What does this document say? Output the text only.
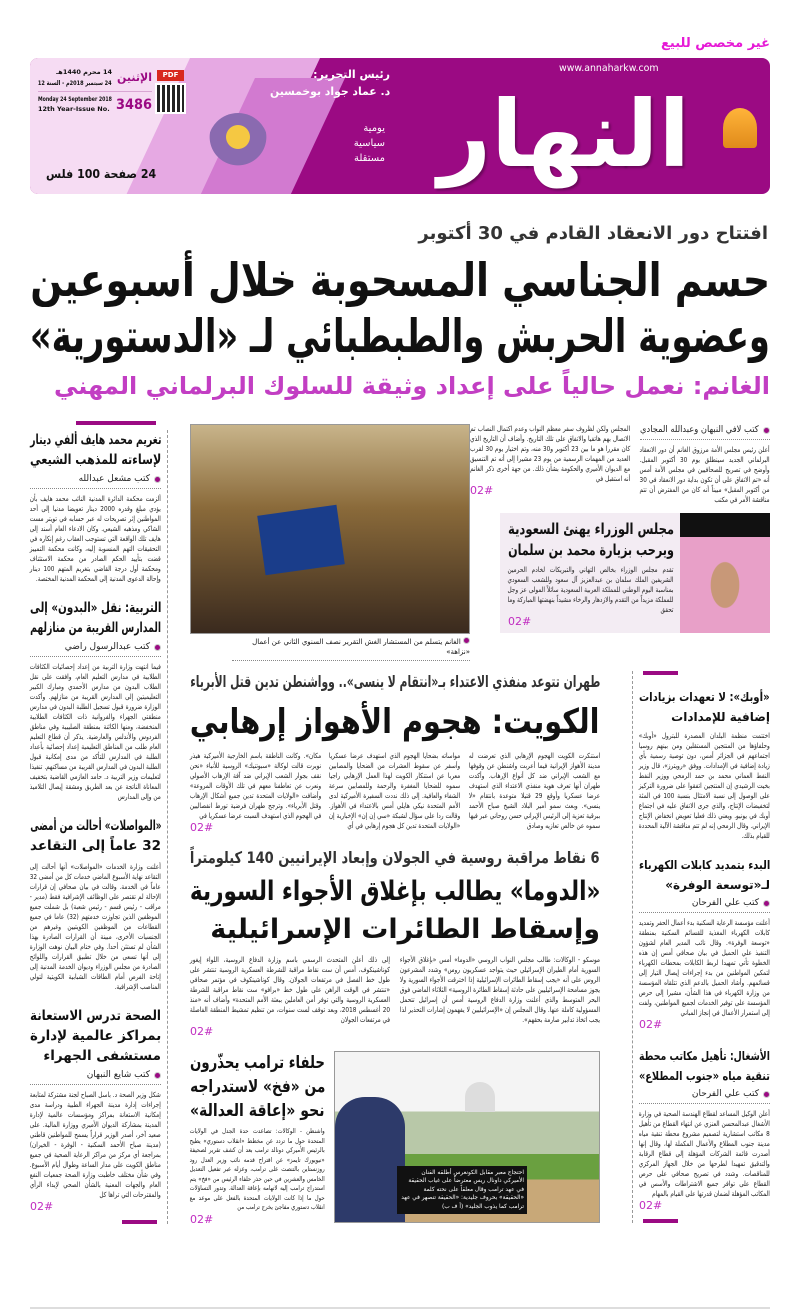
غير مخصص للبيع
النهار
www.annaharkw.com
رئيس التحرير:
د. عماد جواد بوخمسين
يومية
سياسية
مستقلة
الإثنين
14 محرم 1440هـ
24 سبتمبر 2018م - السنة 12
Monday 24 September 2018
12th Year-Issue No. 3486
PDF
24 صفحة 100 فلس
افتتاح دور الانعقاد القادم في 30 أكتوبر
حسم الجناسي المسحوبة خلال أسبوعين
وعضوية الحربش والطبطبائي لـ «الدستورية»
الغانم: نعمل حالياً على إعداد وثيقة للسلوك البرلماني المهني
تغريم محمد هايف ألفي دينار
لإساءته للمذهب الشيعي
كتب مشعل عبدالله
ألزمت محكمة الدائرة المدنية النائب محمد هايف بأن يؤدي مبلغ وقدره 2000 دينار تعويضا مدنيا إلى أحد المواطنين إثر تصريحات له عبر حسابه في تويتر مست الشاكي ومذهبه الشيعي. وكان الادعاء العام أسند إلى هايف تلك الواقعة التي تستوجب العقاب رغم إنكاره في التحقيقات التهم المنسوبة إليه، وكانت محكمة التمييز قضت بتأييد الحكم الصادر من محكمة الاستئناف ومحكمة أول درجة القاضي بتغريم المتهم 100 دينار وإحالة الدعوى المدنية إلى المحكمة المدنية المختصة.
التربية: نقل «البدون» إلى
المدارس القريبة من منازلهم
كتب عبدالرسول راضي
فيما انتهت وزارة التربية من إعداد إحصائيات الكثافات الطلابية في مدارس التعليم العام، وافقت على نقل الطلاب البدون من مدارس الأحمدي ومبارك الكبير التعليميتين إلى المدارس القريبة من منازلهم. وأكدت الوزارة ضرورة قبول تسجيل الطلبة البدون في مدارس منطقتي الجهراء والفروانية ذات الكثافات الطلابية المنخفضة، ومنها الكائنة بمنطقة الصليبية وفي مناطق الفردوس والأندلس والعارضية. يذكر أن قطاع التعليم العام طلب من المناطق التعليمية إعداد إحصائية بأعداد الطلبة في المدارس للتأكد من مدى إمكانية قبول الطلبة البدون في المدارس القريبة من مساكنهم. تنفيذا لتعليمات وزير التربية د. حامد العازمي القاضية بتخفيف المعاناة الناتجة عن بعد الطريق ومشقة إيصال التلاميذ من وإلى المدارس
«المواصلات» أحالت من أمضى
32 عاماً إلى التقاعد
أعلنت وزارة الخدمات «المواصلات» أنها أحالت إلى التقاعد نهاية الأسبوع الماضي خدمات كل من أمضى 32 عاماً في الخدمة. وقالت في بيان صحافي إن قرارات الإحالة لم تقتصر على الوظائف الإشرافية فقط (مدير - مراقب - رئيس قسم - رئيس شعبة) بل شملت جميع الموظفين الذين تجاوزت خدمتهم (32) عاما في جميع القطاعات من الموظفين الكويتيين وغيرهم من الجنسيات الأخرى، مبينة أن القرارات الصادرة بهذا الشأن لم تستثن أحدا. وفي ختام البيان نوهت الوزارة إلى أنها تسعى من خلال تطبيق القرارات واللوائح الصادرة من مجلس الوزراء وديوان الخدمة المدنية إلى إتاحة الفرص أمام الطاقات الشبابية الكويتية لتولي المناصب الإشرافية.
الصحة تدرس الاستعانة
بمراكز عالمية لإدارة
مستشفى الجهراء
كتب شايع النبهان
شكل وزير الصحة د. باسل الصباح لجنة مشتركة لمتابعة إجراءات إدارة مدينة الجهراء الطبية ودراسة مدى إمكانية الاستعانة بمراكز ومؤسسات عالمية لإدارة المدينة بمشاركة الديوان الأميري ووزارة المالية. على صعيد آخر، أصدر الوزير قراراً يسمح للمواطنين قاطني (مدينة صباح الأحمد السكنية - الوفرة - الخيران) بمراجعة أي مركز من مراكز الرعاية الصحية في جميع مناطق الكويت على مدار الساعة وطوال أيام الأسبوع. وفي شأن مختلف خاطبت وزارة الصحة جمعيات النفع العام والجهات المعنية بالشأن الصحي لإبداء الرأي والمقترحات التي تراها كل
02#
الغانم يتسلم من المستشار الغش التقرير نصف السنوي الثاني عن أعمال «نزاهة»
كتب لافي النبهان وعبدالله المجادي
أعلن رئيس مجلس الأمة مرزوق الغانم أن دور الانعقاد البرلماني الجديد سينطلق يوم 30 أكتوبر المقبل. وأوضح في تصريح للصحافيين في مجلس الأمة أمس أنه «تم الاتفاق على أن تكون بداية دور الانعقاد في 30 من أكتوبر المقبل» مبيناً أنه كان من المفترض أن تتم مناقشة الأمر في مكتب
المجلس ولكن لظروف سفر معظم النواب وعدم اكتمال النصاب تم الاتصال بهم هاتفيا والاتفاق على تلك التاريخ. وأضاف أن التاريخ الذي كان مقررا هو ما بين 23 أكتوبر و30 منه، وتم اختيار يوم 30 لقرب العديد من المهمات الرسمية من يوم 23 مشيرا إلى أنه تم التنسيق مع الديوان الأميري والحكومة بشأن ذلك. من جهة أخرى ذكر الغانم أنه استقبل في
02#
مجلس الوزراء يهنئ السعودية
ويرحب بزيارة محمد بن سلمان
تقدم مجلس الوزراء بخالص التهاني والتبريكات لخادم الحرمين الشريفين الملك سلمان بن عبدالعزيز آل سعود وللشعب السعودي بمناسبة اليوم الوطني للمملكة العربية السعودية سائلاً المولى عز وجل للمملكة مزيداً من التقدم والازدهار والرخاء مشيداً بنهضتها المباركة وما تحقق
02#
طهران تتوعد منفذي الاعتداء بـ«انتقام لا ينسى».. وواشنطن تدين قتل الأبرياء
الكويت: هجوم الأهواز إرهابي
استنكرت الكويت الهجوم الإرهابي الذي تعرضت له مدينة الأهواز الإيرانية فيما أعربت واشنطن عن وقوفها مع الشعب الإيراني ضد كل أنواع الإرهاب. وأكدت طهران أنها تعرف هوية منفذي الاعتداء الذي استهدف عرضا عسكريا وأوقع 29 قتيلا متوعدة بانتقام «لا ينسى». وبعث سمو أمير البلاد الشيخ صباح الأحمد ببرقية تعزية إلى الرئيس الإيراني حسن روحاني عبر فيها سموه عن خالص تعازيه وصادق
مواساته بضحايا الهجوم الذي استهدف عرضا عسكريا وأسفر عن سقوط العشرات من الضحايا والمصابين معربا عن استنكار الكويت لهذا العمل الإرهابي راجيا سموه للضحايا المغفرة والرحمة وللمصابين سرعة الشفاء والعافية. إلى ذلك نددت السفيرة الأميركية لدى الأمم المتحدة نيكي هايلي أمس بالاعتداء في الأهواز. وقالت ردا على سؤال لشبكة «سي إن إن» الإخبارية إن «الولايات المتحدة تدين كل هجوم إرهابي في أي
مكان». وكانت الناطقة باسم الخارجية الأميركية هيذر نويرت قالت لوكالة «سبوتنيك» الروسية للأنباء «نحن نقف بجوار الشعب الإيراني ضد آفة الإرهاب الأصولي ونعرب عن تعاطفنا معهم في تلك الأوقات المروعة» وأضافت «الولايات المتحدة تدين جميع أشكال الإرهاب وقتل الأبرياء». وترجح طهران فرضية تورط انفصاليين في الهجوم الذي استهدف السبت عرضا عسكريا في
02#
6 نقاط مراقبة روسية في الجولان وإبعاد الإيرانيين 140 كيلومتراً
«الدوما» يطالب بإغلاق الأجواء السورية
وإسقاط الطائرات الإسرائيلية
موسكو - الوكالات: طالب مجلس النواب الروسي «الدوما» أمس «بإغلاق الأجواء السورية أمام الطيران الإسرائيلي حيث يتواجد عسكريون روس» وشدد المشرعون الروس على أنه «يجب إسقاط الطائرات الإسرائيلية إذا اخترقت الأجواء السورية ولا يجوز مسامحة الإسرائيليين على حادثة إسقاط الطائرة الروسية» الثلاثاء الماضي فوق البحر المتوسط والذي أعلنت وزارة الدفاع الروسية أمس أن إسرائيل تتحمل المسؤولية كاملة عنها. وقال المجلس إن «الإسرائيليين لا يفهمون إشارات التحذير لذا يجب اتخاذ تدابير صارمة بحقهم».
إلى ذلك أعلن المتحدث الرسمي باسم وزارة الدفاع الروسية، اللواء إيغور كوناشينكوف، أمس أن ست نقاط مراقبة للشرطة العسكرية الروسية تنتشر على طول خط الفصل في مرتفعات الجولان. وقال كوناشينكوف في مؤتمر صحافي «تنتشر في الوقت الراهن على طول خط «برافو» ست نقاط مراقبة للشرطة العسكرية الروسية والتي توفر أمن العاملين ببعثة الأمم المتحدة» وأضاف أنه «منذ 20 أغسطس 2018، وبعد توقف لست سنوات، من تنظيم تمشيط المنطقة الفاصلة في مرتفعات الجولان
02#
حلفاء ترامب يحذّرون
من «فخ» لاستدراجه
نحو «إعاقة العدالة»
واشنطن - الوكالات: تصاعدت حدة الجدل في الولايات المتحدة حول ما تردد عن مخطط «انقلاب دستوري» يطيح بالرئيس الأميركي دونالد ترامب بعد أن كشف تقرير لصحيفة «نيويورك تايمز» عن اقتراح قدمه نائب وزير العدل رود روزنستاين بالتنصت على ترامب، وعزله عبر تفعيل التعديل الخامس والعشرين في حين حذر حلفاء الرئيس من «فخ» يتم استدراج ترامب إليه لاتهامه بإعاقة العدالة. وتدور التساؤلات حول ما إذا كانت الولايات المتحدة بالفعل على موعد مع انقلاب دستوري مفاجئ يخرج ترامب من
02#
احتجاج معبر مقابل الكونغرس أطلقه الفنان الأميركي داونال ريس معترضاً على غياب الحقيقة في عهد ترامب وقال معلقاً على نحته كلمة «الحقيقة» بحروف جليدية: «الحقيقة تنصهر في عهد ترامب كما يذوب الجليد» (أ ف ب)
«أوبك»: لا تعهدات بزيادات
إضافية للإمدادات
اختتمت منظمة البلدان المصدرة للبترول «أوبك» وحلفاؤها من المنتجين المستقلين ومن بينهم روسيا اجتماعهم في الجزائر أمس، دون توصية رسمية بأي زيادة إضافية في الإمدادات. ووفق «رويترز»، قال وزير النفط العماني محمد بن حمد الرمحي ووزير النفط بخيت الرشيدي إن المنتجين اتفقوا على ضرورة التركيز على الوصول إلى نسبة الامتثال بنسبة 100 في المئة لتخفيضات الإنتاج، والذي جرى الاتفاق عليه في اجتماع أوبك في يونيو. ويعني ذلك فعليا تعويض انخفاض الإنتاج الإيراني. وقال الرمحي إنه لم تتم مناقشة الآلية المحددة للقيام بذلك.
البدء بتمديد كابلات الكهرباء
لـ«توسعة الوفرة»
كتب علي الفرحان
أعلنت مؤسسة الرعاية السكنية بدء أعمال الحفر وتمديد كابلات الكهرباء المغذية للقسائم السكنية بمنطقة «توسعة الوفرة». وقال نائب المدير العام لشؤون التنفيذ علي الحميل في بيان صحافي أمس إن هذه الخطوة تأتي تمهيدا لربط الكابلات بمحطات الكهرباء لتمكين المواطنين من بدء إجراءات إيصال التيار إلى قسائمهم. وأشاد الحميل بالدعم الذي تتلقاه المؤسسة من وزارة الكهرباء في هذا الشأن، مشيرا إلى حرص المؤسسة على توفير الخدمات لجميع المواطنين، ولفت إلى استمرار الأعمال في إنجاز المباني
02#
الأشغال: تأهيل مكاتب محطة
تنقية مياه «جنوب المطلاع»
كتب علي الفرحان
أعلن الوكيل المساعد لقطاع الهندسة الصحية في وزارة الأشغال عبدالمحسن العنزي عن انتهاء القطاع من تأهيل 8 مكاتب استشارية لتصميم مشروع محطة تنقية مياه مدينة جنوب المطلاع والأعمال المكملة لها، وقال إنها أصدرت قائمة الشركات المؤهلة إلى قطاع الرقابة والتدقيق تمهيدا لطرحها من خلال الجهاز المركزي للمناقصات. وشدد في تصريح صحافي على حرص القطاع على توافر جميع الاشتراطات والأسس في المكاتب المؤهلة لضمان قدرتها على القيام بالمهام
02#
